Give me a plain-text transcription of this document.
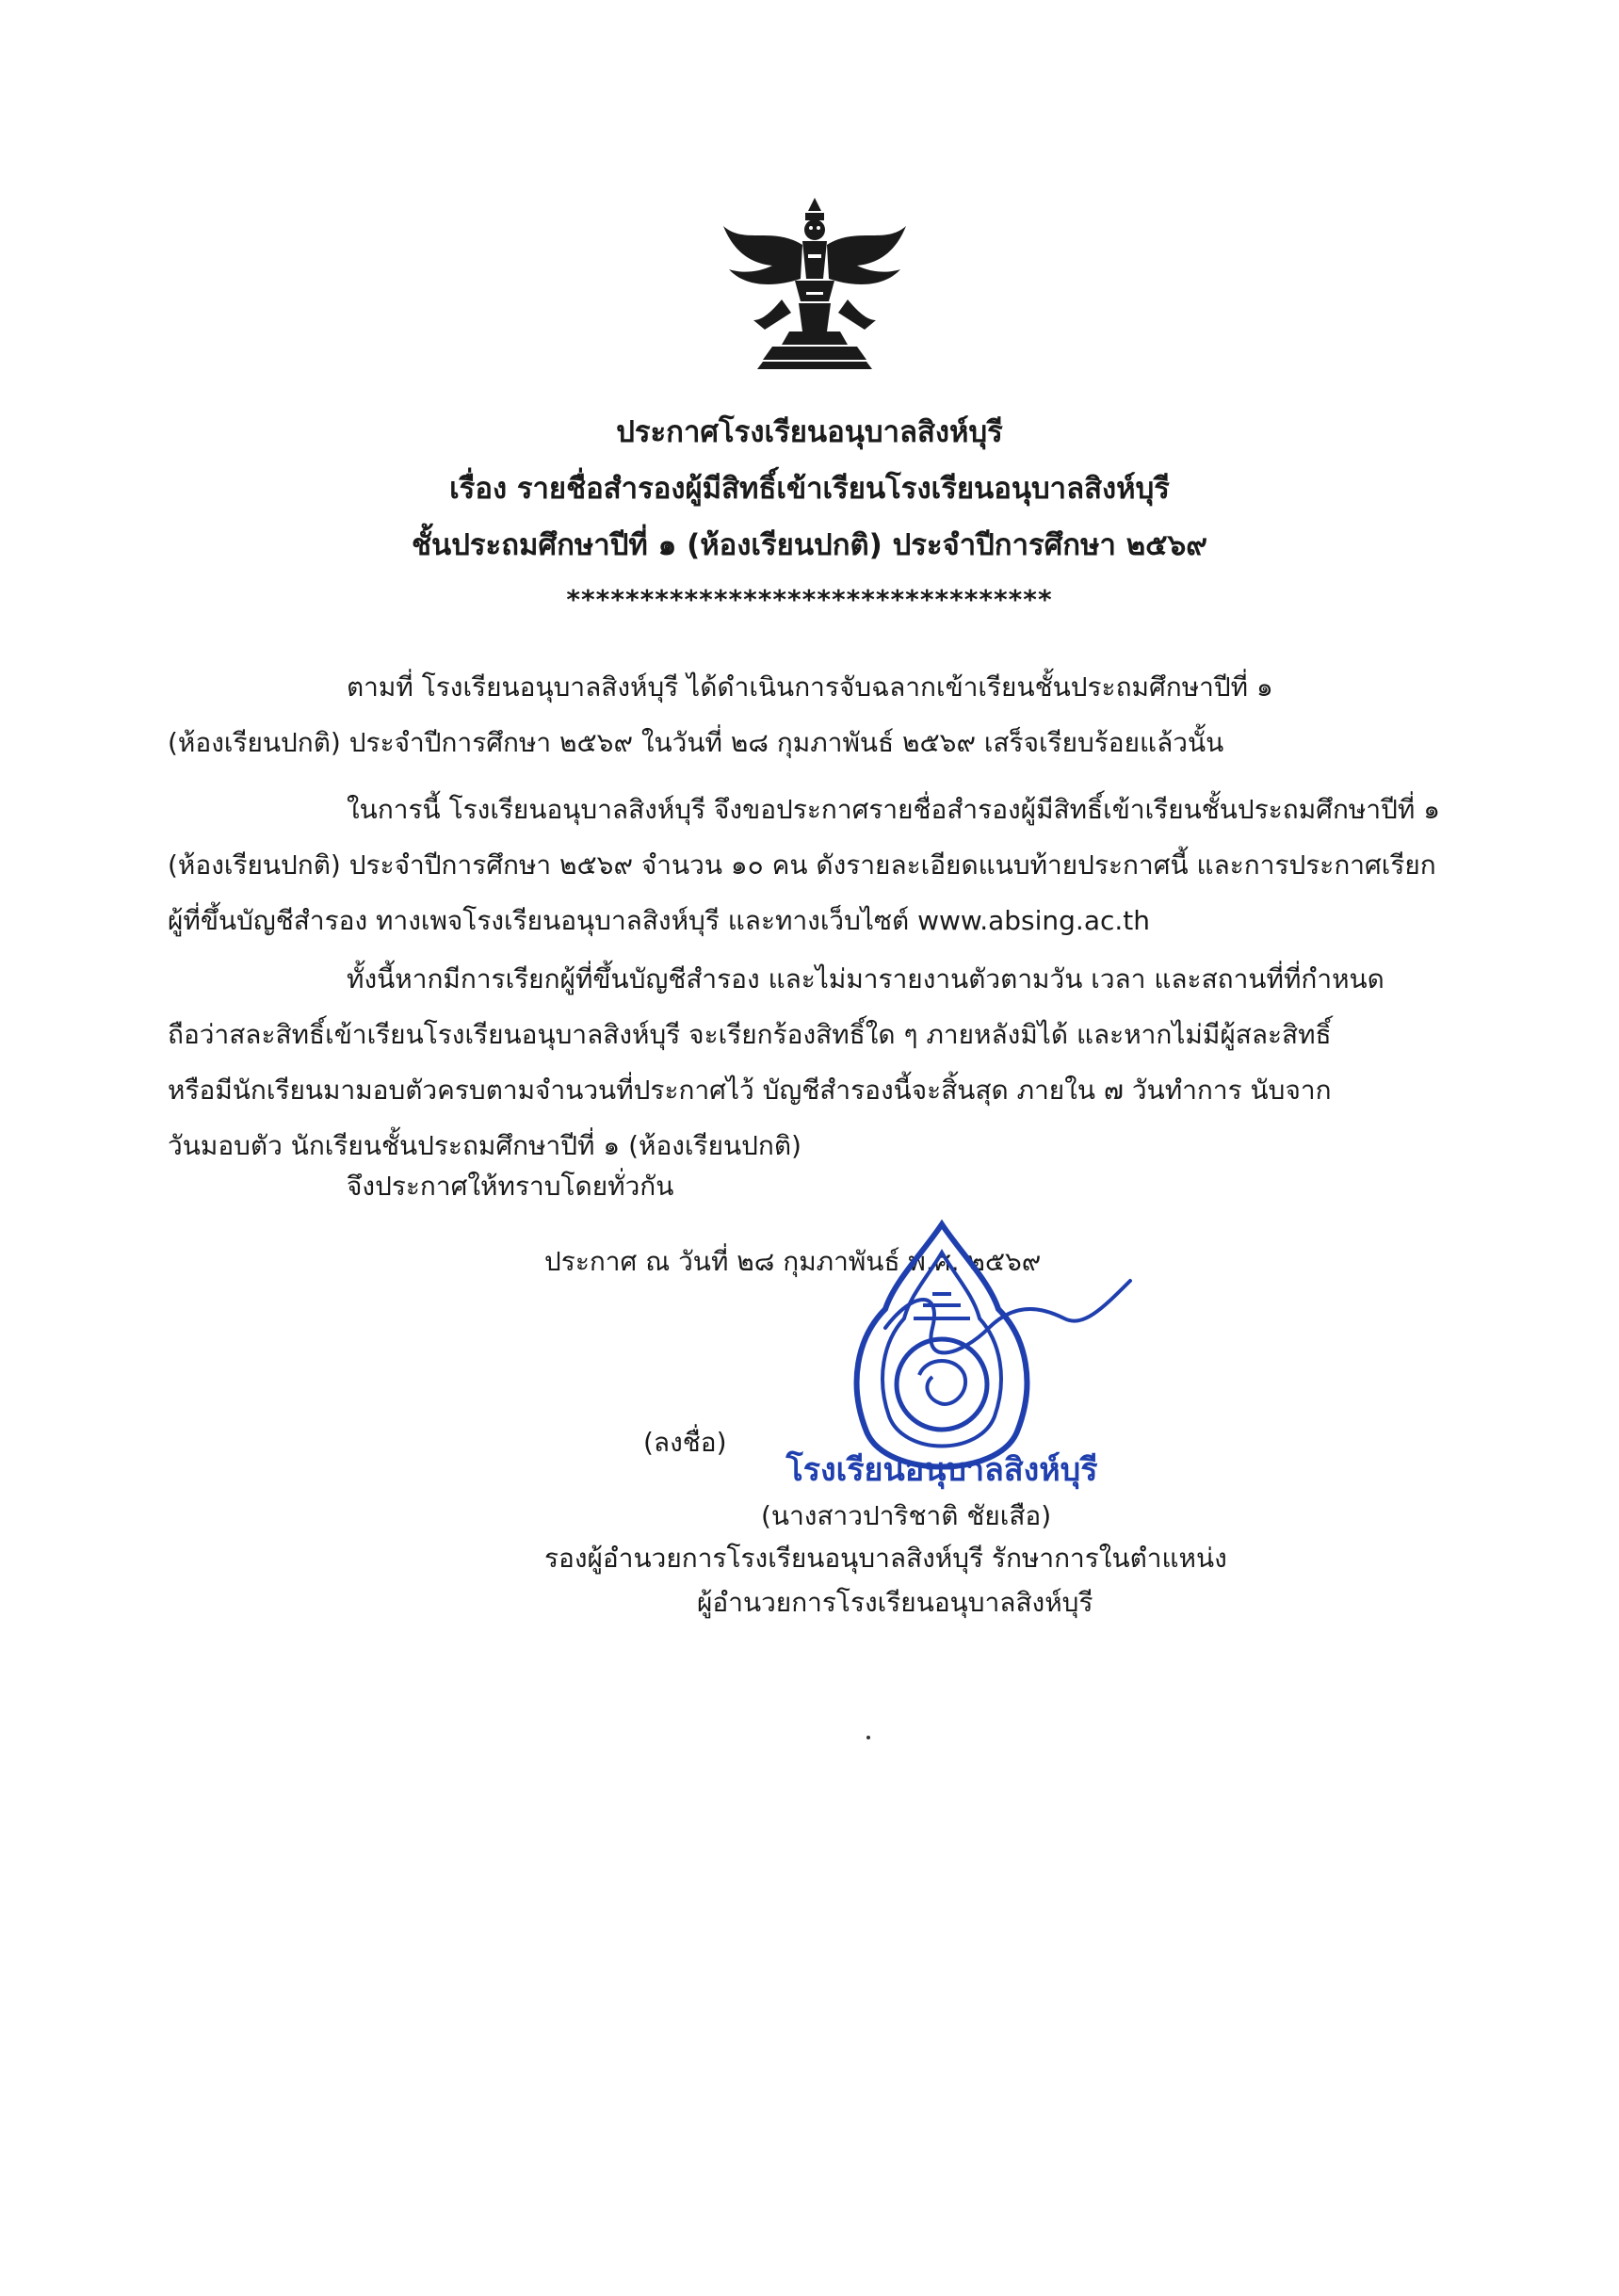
ประกาศโรงเรียนอนุบาลสิงห์บุรี
เรื่อง รายชื่อสำรองผู้มีสิทธิ์เข้าเรียนโรงเรียนอนุบาลสิงห์บุรี
ชั้นประถมศึกษาปีที่ ๑ (ห้องเรียนปกติ) ประจำปีการศึกษา ๒๕๖๙
*********************************
ตามที่ โรงเรียนอนุบาลสิงห์บุรี ได้ดำเนินการจับฉลากเข้าเรียนชั้นประถมศึกษาปีที่ ๑
(ห้องเรียนปกติ) ประจำปีการศึกษา ๒๕๖๙ ในวันที่ ๒๘ กุมภาพันธ์ ๒๕๖๙ เสร็จเรียบร้อยแล้วนั้น
ในการนี้ โรงเรียนอนุบาลสิงห์บุรี จึงขอประกาศรายชื่อสำรองผู้มีสิทธิ์เข้าเรียนชั้นประถมศึกษาปีที่ ๑
(ห้องเรียนปกติ) ประจำปีการศึกษา ๒๕๖๙ จำนวน ๑๐ คน ดังรายละเอียดแนบท้ายประกาศนี้ และการประกาศเรียก
ผู้ที่ขึ้นบัญชีสำรอง ทางเพจโรงเรียนอนุบาลสิงห์บุรี และทางเว็บไซต์ www.absing.ac.th
ทั้งนี้หากมีการเรียกผู้ที่ขึ้นบัญชีสำรอง และไม่มารายงานตัวตามวัน เวลา และสถานที่ที่กำหนด
ถือว่าสละสิทธิ์เข้าเรียนโรงเรียนอนุบาลสิงห์บุรี จะเรียกร้องสิทธิ์ใด ๆ ภายหลังมิได้ และหากไม่มีผู้สละสิทธิ์
หรือมีนักเรียนมามอบตัวครบตามจำนวนที่ประกาศไว้ บัญชีสำรองนี้จะสิ้นสุด ภายใน ๗ วันทำการ นับจาก
วันมอบตัว นักเรียนชั้นประถมศึกษาปีที่ ๑ (ห้องเรียนปกติ)
จึงประกาศให้ทราบโดยทั่วกัน
ประกาศ ณ วันที่ ๒๘ กุมภาพันธ์ พ.ศ. ๒๕๖๙
โรงเรียนอนุบาลสิงห์บุรี
(ลงชื่อ)
(นางสาวปาริชาติ ชัยเสือ)
รองผู้อำนวยการโรงเรียนอนุบาลสิงห์บุรี รักษาการในตำแหน่ง
ผู้อำนวยการโรงเรียนอนุบาลสิงห์บุรี
